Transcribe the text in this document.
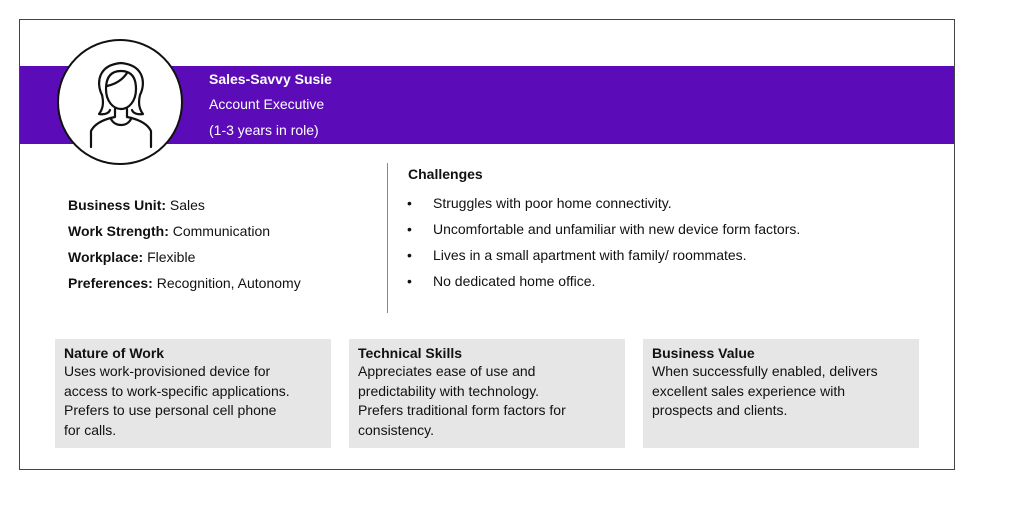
Sales-Savvy Susie
Account Executive
(1-3 years in role)
Business Unit: Sales
Work Strength: Communication
Workplace: Flexible
Preferences: Recognition, Autonomy
Challenges
• Struggles with poor home connectivity.
• Uncomfortable and unfamiliar with new device form factors.
• Lives in a small apartment with family/ roommates.
• No dedicated home office.
Nature of Work
Uses work-provisioned device for
access to work-specific applications.
Prefers to use personal cell phone
for calls.
Technical Skills
Appreciates ease of use and
predictability with technology.
Prefers traditional form factors for
consistency.
Business Value
When successfully enabled, delivers
excellent sales experience with
prospects and clients.
